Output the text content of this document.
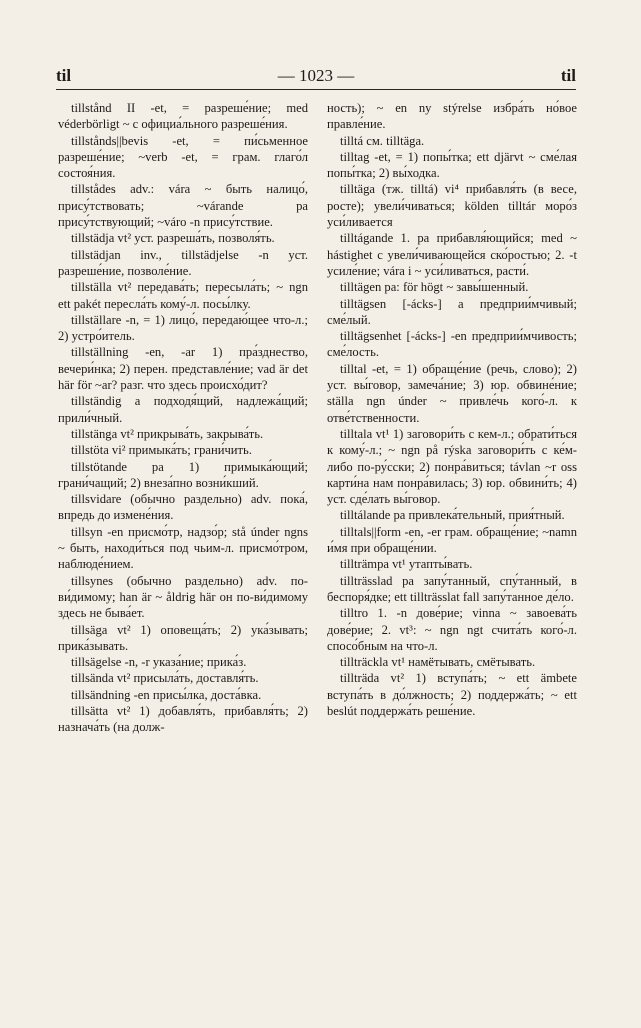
— 1023 —
til	til

tillstånd II -et, = разреше́ние; med véderbörligt ~ с официа́льного разреше́ния.

tillstånds||bevis -et, = пи́сьменное разреше́ние; ~verb -et, = грам. глаго́л состоя́ния.

tillstådes adv.: vára ~ быть налицо́, прису́тствовать; ~várande pa прису́тствующий; ~váro -n прису́тствие.

tillstädja vt² уст. разреша́ть, позволя́ть.

tillstädjan inv., tillstädjelse -n уст. разреше́ние, позволе́ние.

tillställa vt² передава́ть; пересыла́ть; ~ ngn ett pakét пересла́ть кому́-л. посы́лку.

tillställare -n, = 1) лицо́, передаю́щее что-л.; 2) устро́итель.

tillställning -en, -ar 1) пра́зднество, вечери́нка; 2) перен. представле́ние; vad är det här för ~ar? разг. что здесь происхо́дит?

tillständig a подходя́щий, надлежа́щий; прили́чный.

tillstänga vt² прикрыва́ть, закрыва́ть.

tillstöta vi² примыка́ть; грани́чить.

tillstötande pa 1) примыка́ющий; грани́чащий; 2) внеза́пно возни́кший.

tillsvidare (обычно раздельно) adv. пока́, впредь до измене́ния.

tillsyn -en присмо́тр, надзо́р; stå únder ngns ~ быть, находи́ться под чьим-л. присмо́тром, наблюде́нием.

tillsynes (обычно раздельно) adv. по-ви́димому; han är ~ åldrig här он по-ви́димому здесь не быва́ет.

tillsäga vt² 1) оповеща́ть; 2) ука́зывать; прика́зывать.

tillsägelse -n, -r указа́ние; прика́з.

tillsända vt² присыла́ть, доставля́ть.

tillsändning -en присы́лка, доста́вка.

tillsätta vt² 1) добавля́ть, прибавля́ть; 2) назнача́ть (на долж-

ность); ~ en ny stýrelse избра́ть но́вое правле́ние.

tilltá см. tilltäga.

tilltag -et, = 1) попы́тка; ett djärvt ~ сме́лая попы́тка; 2) вы́ходка.

tilltäga (тж. tilltá) vi⁴ прибавля́ть (в весе, росте); увели́чиваться; kölden tilltár моро́з уси́ливается

tilltágande 1. pa прибавля́ющийся; med ~ hástighet с увели́чивающейся ско́ростью; 2. -t усиле́ние; vára i ~ уси́ливаться, расти́.

tilltägen pa: för högt ~ завы́шенный.

tilltägsen [-ácks-] a предприи́мчивый; сме́лый.

tilltägsenhet [-ácks-] -en предприи́мчивость; сме́лость.

tilltal -et, = 1) обраще́ние (речь, слово); 2) уст. вы́говор, замеча́ние; 3) юр. обвине́ние; ställa ngn únder ~ привле́чь кого́-л. к отве́тственности.

tilltala vt¹ 1) заговори́ть с кем-л.; обрати́ться к кому́-л.; ~ ngn på rýska заговори́ть с ке́м-либо по-ру́сски; 2) понра́виться; távlan ~r oss карти́на нам понра́вилась; 3) юр. обвини́ть; 4) уст. сде́лать вы́говор.

tilltálande pa привлека́тельный, прия́тный.

tilltals||form -en, -er грам. обраще́ние; ~namn и́мя при обраще́нии.

tillträmpa vt¹ утапты́вать.

tillträsslad pa запу́танный, спу́танный, в беспоря́дке; ett tillträsslat fall запу́танное де́ло.

tilltro 1. -n дове́рие; vinna ~ завоева́ть дове́рие; 2. vt³: ~ ngn ngt счита́ть кого́-л. спосо́бным на что-л.

tillträckla vt¹ намётывать, смётывать.

tillträda vt² 1) вступа́ть; ~ ett ämbete вступа́ть в до́лжность; 2) поддержа́ть; ~ ett beslút поддержа́ть реше́ние.
